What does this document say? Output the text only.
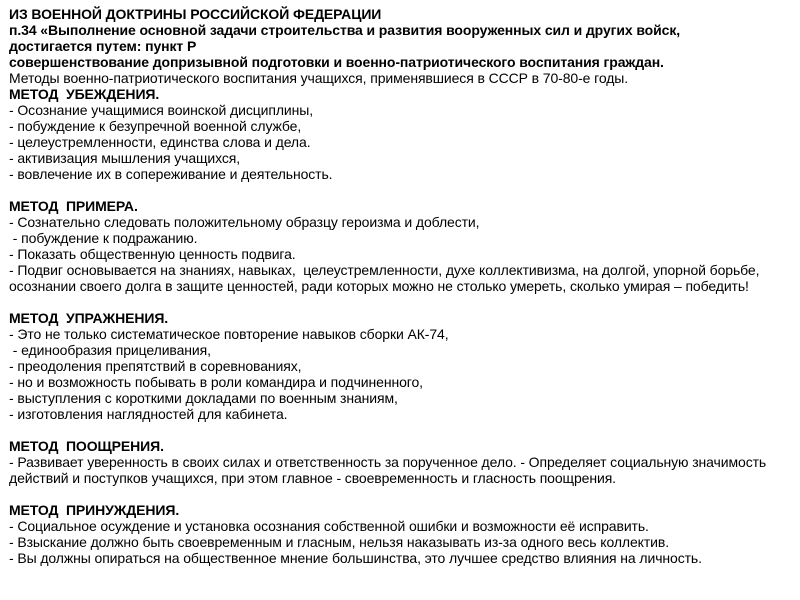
ИЗ ВОЕННОЙ ДОКТРИНЫ РОССИЙСКОЙ ФЕДЕРАЦИИ
п.34 «Выполнение основной задачи строительства и развития вооруженных сил и других войск,
достигается путем: пункт Р
совершенствование допризывной подготовки и военно-патриотического воспитания граждан.
Методы военно-патриотического воспитания учащихся, применявшиеся в СССР в 70-80-е годы.
МЕТОД  УБЕЖДЕНИЯ.
- Осознание учащимися воинской дисциплины,
- побуждение к безупречной военной службе,
- целеустремленности, единства слова и дела.
- активизация мышления учащихся,
- вовлечение их в сопереживание и деятельность.
МЕТОД  ПРИМЕРА.
- Сознательно следовать положительному образцу героизма и доблести,
- побуждение к подражанию.
- Показать общественную ценность подвига.
- Подвиг основывается на знаниях, навыках,  целеустремленности, духе коллективизма, на долгой, упорной борьбе, осознании своего долга в защите ценностей, ради которых можно не столько умереть, сколько умирая – победить!
МЕТОД  УПРАЖНЕНИЯ.
- Это не только систематическое повторение навыков сборки АК-74,
- единообразия прицеливания,
- преодоления препятствий в соревнованиях,
- но и возможность побывать в роли командира и подчиненного,
- выступления с короткими докладами по военным знаниям,
- изготовления наглядностей для кабинета.
МЕТОД  ПООЩРЕНИЯ.
- Развивает уверенность в своих силах и ответственность за порученное дело. - Определяет социальную значимость действий и поступков учащихся, при этом главное - своевременность и гласность поощрения.
МЕТОД  ПРИНУЖДЕНИЯ.
- Социальное осуждение и установка осознания собственной ошибки и возможности её исправить.
- Взыскание должно быть своевременным и гласным, нельзя наказывать из-за одного весь коллектив.
- Вы должны опираться на общественное мнение большинства, это лучшее средство влияния на личность.
